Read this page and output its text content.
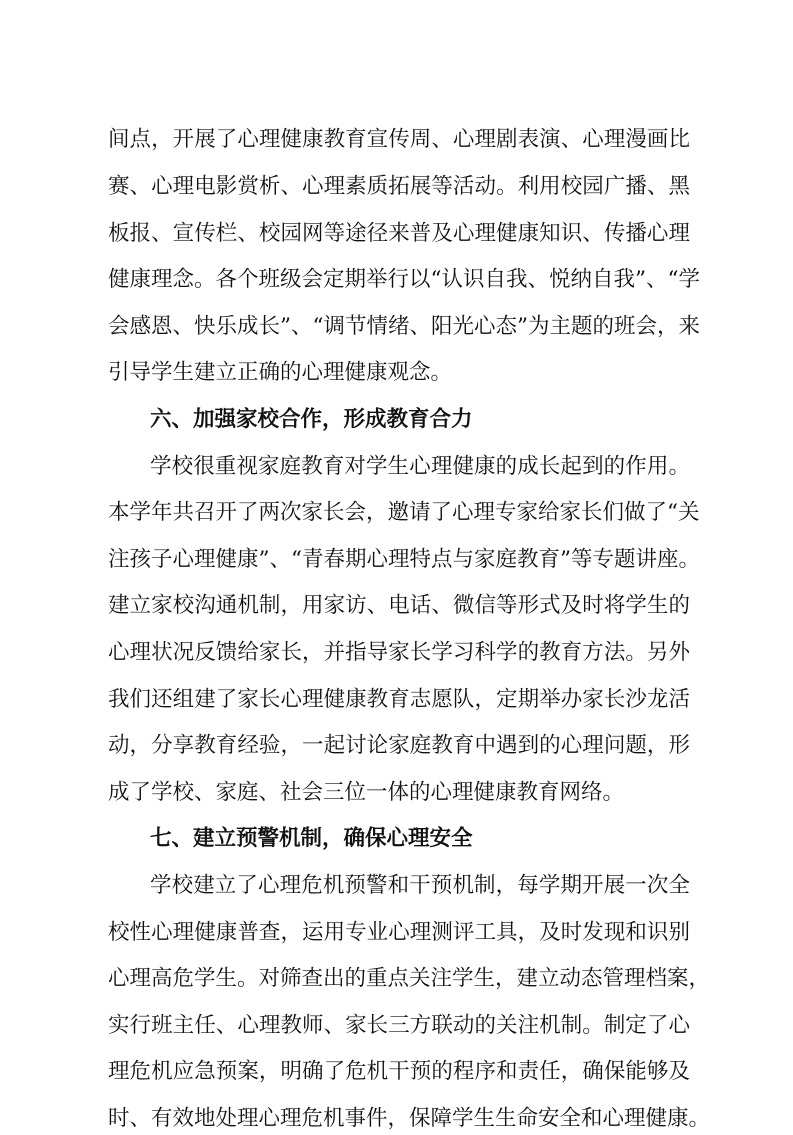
间点，开展了心理健康教育宣传周、心理剧表演、心理漫画比
赛、心理电影赏析、心理素质拓展等活动。利用校园广播、黑
板报、宣传栏、校园网等途径来普及心理健康知识、传播心理
健康理念。各个班级会定期举行以“认识自我、悦纳自我”、“学
会感恩、快乐成长”、“调节情绪、阳光心态”为主题的班会，来
引导学生建立正确的心理健康观念。
六、加强家校合作，形成教育合力
学校很重视家庭教育对学生心理健康的成长起到的作用。
本学年共召开了两次家长会，邀请了心理专家给家长们做了“关
注孩子心理健康”、“青春期心理特点与家庭教育”等专题讲座。
建立家校沟通机制，用家访、电话、微信等形式及时将学生的
心理状况反馈给家长，并指导家长学习科学的教育方法。另外
我们还组建了家长心理健康教育志愿队，定期举办家长沙龙活
动，分享教育经验，一起讨论家庭教育中遇到的心理问题，形
成了学校、家庭、社会三位一体的心理健康教育网络。
七、建立预警机制，确保心理安全
学校建立了心理危机预警和干预机制，每学期开展一次全
校性心理健康普查，运用专业心理测评工具，及时发现和识别
心理高危学生。对筛查出的重点关注学生，建立动态管理档案，
实行班主任、心理教师、家长三方联动的关注机制。制定了心
理危机应急预案，明确了危机干预的程序和责任，确保能够及
时、有效地处理心理危机事件，保障学生生命安全和心理健康。
